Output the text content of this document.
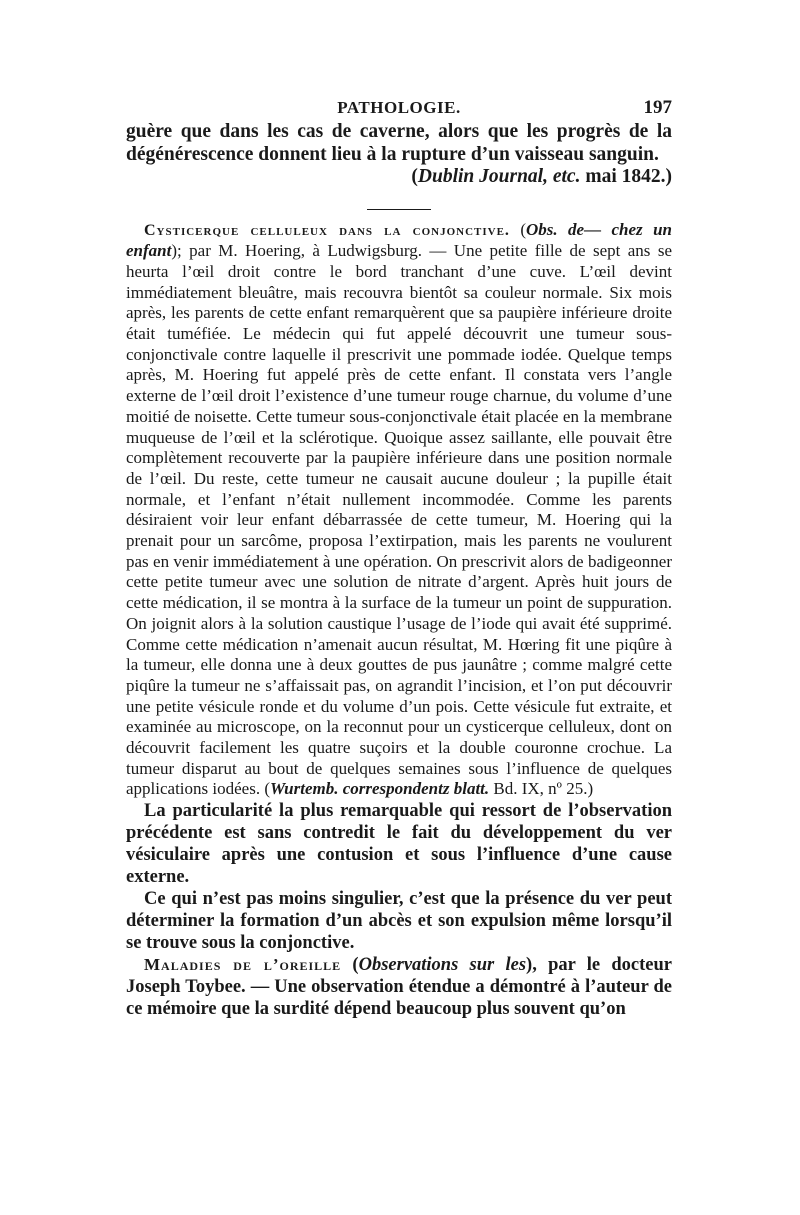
PATHOLOGIE.	197

guère que dans les cas de caverne, alors que les progrès de la dégénérescence donnent lieu à la rupture d’un vaisseau sanguin.

(Dublin Journal, etc. mai 1842.)

Cysticerque celluleux dans la conjonctive. (Obs. de— chez un enfant); par M. Hoering, à Ludwigsburg. — Une petite fille de sept ans se heurta l’œil droit contre le bord tranchant d’une cuve. L’œil devint immédiatement bleuâtre, mais recouvra bientôt sa couleur normale. Six mois après, les parents de cette enfant remarquèrent que sa paupière inférieure droite était tuméfiée. Le médecin qui fut appelé découvrit une tumeur sous-conjonctivale contre laquelle il prescrivit une pommade iodée. Quelque temps après, M. Hoering fut appelé près de cette enfant. Il constata vers l’angle externe de l’œil droit l’existence d’une tumeur rouge charnue, du volume d’une moitié de noisette. Cette tumeur sous-conjonctivale était placée en la membrane muqueuse de l’œil et la sclérotique. Quoique assez saillante, elle pouvait être complètement recouverte par la paupière inférieure dans une position normale de l’œil. Du reste, cette tumeur ne causait aucune douleur ; la pupille était normale, et l’enfant n’était nullement incommodée. Comme les parents désiraient voir leur enfant débarrassée de cette tumeur, M. Hoering qui la prenait pour un sarcôme, proposa l’extirpation, mais les parents ne voulurent pas en venir immédiatement à une opération. On prescrivit alors de badigeonner cette petite tumeur avec une solution de nitrate d’argent. Après huit jours de cette médication, il se montra à la surface de la tumeur un point de suppuration. On joignit alors à la solution caustique l’usage de l’iode qui avait été supprimé. Comme cette médication n’amenait aucun résultat, M. Hœring fit une piqûre à la tumeur, elle donna une à deux gouttes de pus jaunâtre ; comme malgré cette piqûre la tumeur ne s’affaissait pas, on agrandit l’incision, et l’on put découvrir une petite vésicule ronde et du volume d’un pois. Cette vésicule fut extraite, et examinée au microscope, on la reconnut pour un cysticerque celluleux, dont on découvrit facilement les quatre suçoirs et la double couronne crochue. La tumeur disparut au bout de quelques semaines sous l’influence de quelques applications iodées. (Wurtemb. correspondentz blatt. Bd. IX, nº 25.)

La particularité la plus remarquable qui ressort de l’observation précédente est sans contredit le fait du développement du ver vésiculaire après une contusion et sous l’influence d’une cause externe.

Ce qui n’est pas moins singulier, c’est que la présence du ver peut déterminer la formation d’un abcès et son expulsion même lorsqu’il se trouve sous la conjonctive.

Maladies de l’oreille (Observations sur les), par le docteur Joseph Toybee. — Une observation étendue a démontré à l’auteur de ce mémoire que la surdité dépend beaucoup plus souvent qu’on
